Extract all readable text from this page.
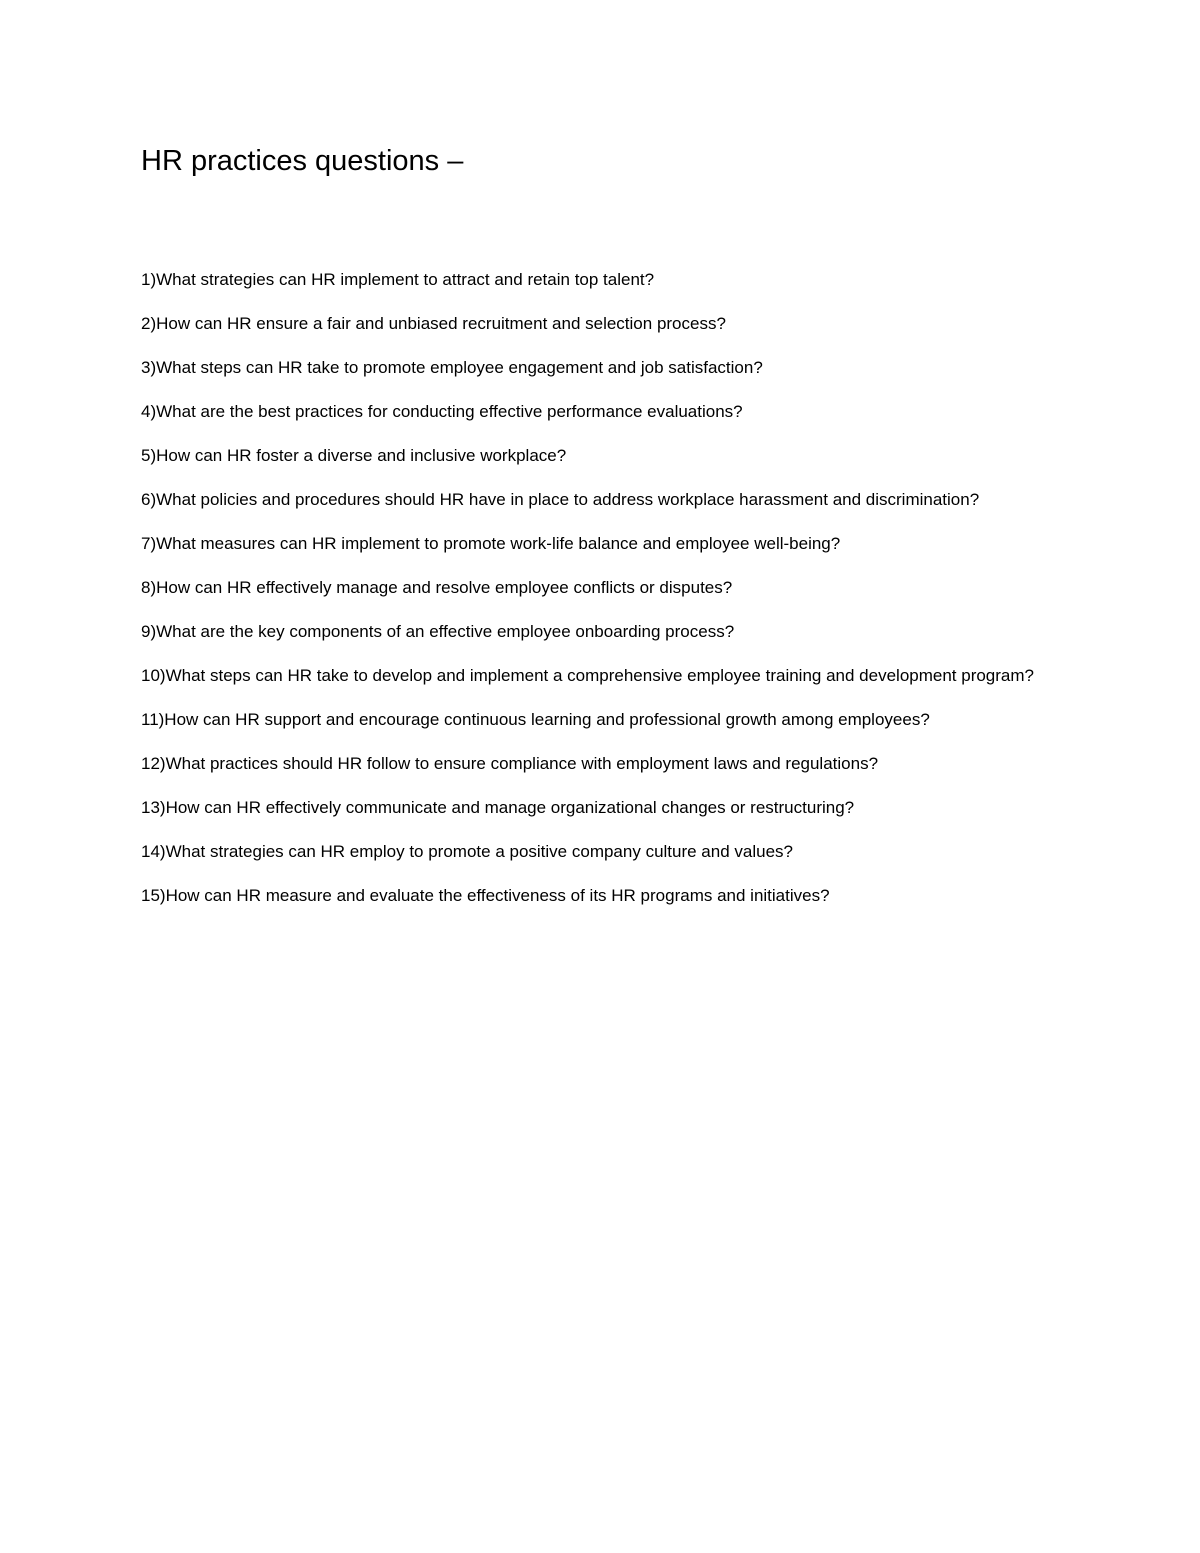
HR practices questions –
1)What strategies can HR implement to attract and retain top talent?
2)How can HR ensure a fair and unbiased recruitment and selection process?
3)What steps can HR take to promote employee engagement and job satisfaction?
4)What are the best practices for conducting effective performance evaluations?
5)How can HR foster a diverse and inclusive workplace?
6)What policies and procedures should HR have in place to address workplace harassment and discrimination?
7)What measures can HR implement to promote work-life balance and employee well-being?
8)How can HR effectively manage and resolve employee conflicts or disputes?
9)What are the key components of an effective employee onboarding process?
10)What steps can HR take to develop and implement a comprehensive employee training and development program?
11)How can HR support and encourage continuous learning and professional growth among employees?
12)What practices should HR follow to ensure compliance with employment laws and regulations?
13)How can HR effectively communicate and manage organizational changes or restructuring?
14)What strategies can HR employ to promote a positive company culture and values?
15)How can HR measure and evaluate the effectiveness of its HR programs and initiatives?
